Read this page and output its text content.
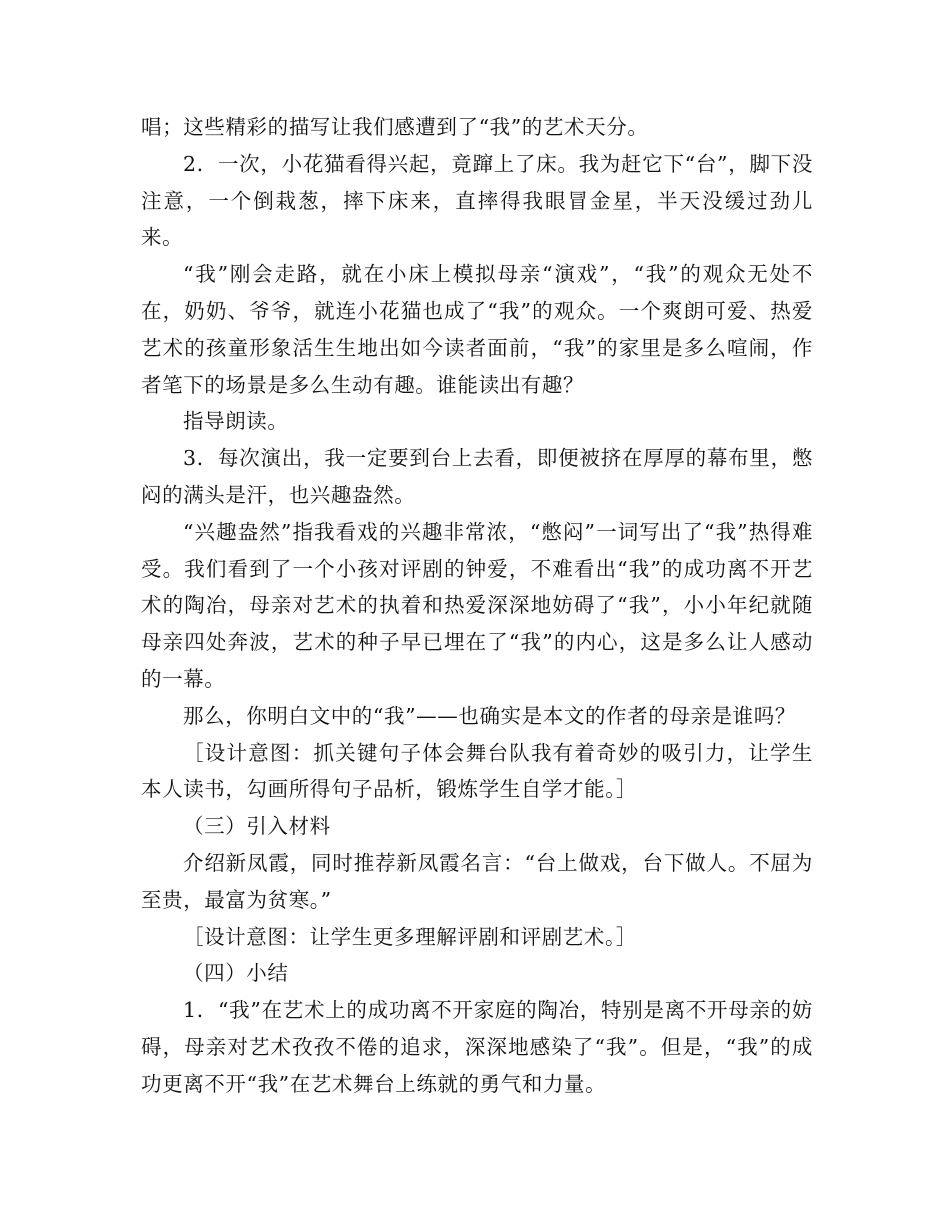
唱；这些精彩的描写让我们感遭到了“我”的艺术天分。

2．一次，小花猫看得兴起，竟蹿上了床。我为赶它下“台”，脚下没注意，一个倒栽葱，摔下床来，直摔得我眼冒金星，半天没缓过劲儿来。

“我”刚会走路，就在小床上模拟母亲“演戏”，“我”的观众无处不在，奶奶、爷爷，就连小花猫也成了“我”的观众。一个爽朗可爱、热爱艺术的孩童形象活生生地出如今读者面前，“我”的家里是多么喧闹，作者笔下的场景是多么生动有趣。谁能读出有趣？

指导朗读。

3．每次演出，我一定要到台上去看，即便被挤在厚厚的幕布里，憋闷的满头是汗，也兴趣盎然。

“兴趣盎然”指我看戏的兴趣非常浓，“憋闷”一词写出了“我”热得难受。我们看到了一个小孩对评剧的钟爱，不难看出“我”的成功离不开艺术的陶冶，母亲对艺术的执着和热爱深深地妨碍了“我”，小小年纪就随母亲四处奔波，艺术的种子早已埋在了“我”的内心，这是多么让人感动的一幕。

那么，你明白文中的“我”——也确实是本文的作者的母亲是谁吗？

［设计意图：抓关键句子体会舞台队我有着奇妙的吸引力，让学生本人读书，勾画所得句子品析，锻炼学生自学才能。］

（三）引入材料

介绍新凤霞，同时推荐新凤霞名言：“台上做戏，台下做人。不屈为至贵，最富为贫寒。”

［设计意图：让学生更多理解评剧和评剧艺术。］

（四）小结

1．“我”在艺术上的成功离不开家庭的陶冶，特别是离不开母亲的妨碍，母亲对艺术孜孜不倦的追求，深深地感染了“我”。但是，“我”的成功更离不开“我”在艺术舞台上练就的勇气和力量。
